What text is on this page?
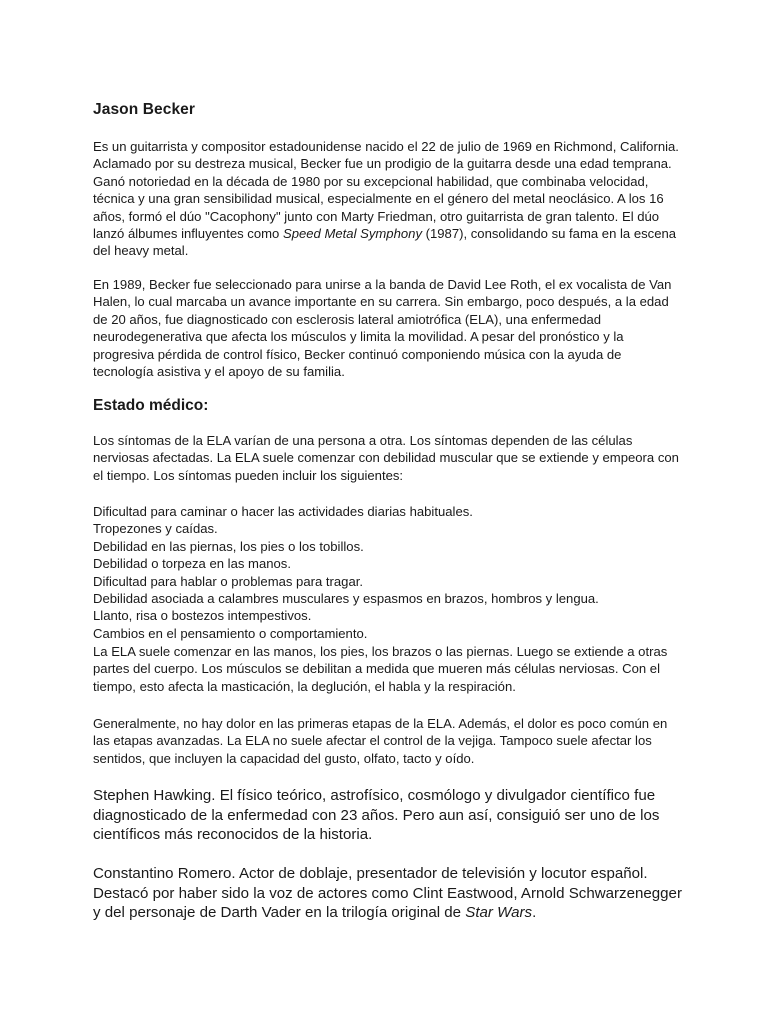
Jason Becker

Es un guitarrista y compositor estadounidense nacido el 22 de julio de 1969 en Richmond, California. Aclamado por su destreza musical, Becker fue un prodigio de la guitarra desde una edad temprana. Ganó notoriedad en la década de 1980 por su excepcional habilidad, que combinaba velocidad, técnica y una gran sensibilidad musical, especialmente en el género del metal neoclásico. A los 16 años, formó el dúo "Cacophony" junto con Marty Friedman, otro guitarrista de gran talento. El dúo lanzó álbumes influyentes como Speed Metal Symphony (1987), consolidando su fama en la escena del heavy metal.

En 1989, Becker fue seleccionado para unirse a la banda de David Lee Roth, el ex vocalista de Van Halen, lo cual marcaba un avance importante en su carrera. Sin embargo, poco después, a la edad de 20 años, fue diagnosticado con esclerosis lateral amiotrófica (ELA), una enfermedad neurodegenerativa que afecta los músculos y limita la movilidad. A pesar del pronóstico y la progresiva pérdida de control físico, Becker continuó componiendo música con la ayuda de tecnología asistiva y el apoyo de su familia.

Estado médico:

Los síntomas de la ELA varían de una persona a otra. Los síntomas dependen de las células nerviosas afectadas. La ELA suele comenzar con debilidad muscular que se extiende y empeora con el tiempo. Los síntomas pueden incluir los siguientes:

Dificultad para caminar o hacer las actividades diarias habituales.
Tropezones y caídas.
Debilidad en las piernas, los pies o los tobillos.
Debilidad o torpeza en las manos.
Dificultad para hablar o problemas para tragar.
Debilidad asociada a calambres musculares y espasmos en brazos, hombros y lengua.
Llanto, risa o bostezos intempestivos.
Cambios en el pensamiento o comportamiento.

La ELA suele comenzar en las manos, los pies, los brazos o las piernas. Luego se extiende a otras partes del cuerpo. Los músculos se debilitan a medida que mueren más células nerviosas. Con el tiempo, esto afecta la masticación, la deglución, el habla y la respiración.

Generalmente, no hay dolor en las primeras etapas de la ELA. Además, el dolor es poco común en las etapas avanzadas. La ELA no suele afectar el control de la vejiga. Tampoco suele afectar los sentidos, que incluyen la capacidad del gusto, olfato, tacto y oído.

Stephen Hawking. El físico teórico, astrofísico, cosmólogo y divulgador científico fue diagnosticado de la enfermedad con 23 años. Pero aun así, consiguió ser uno de los científicos más reconocidos de la historia.

Constantino Romero. Actor de doblaje, presentador de televisión y locutor español. Destacó por haber sido la voz de actores como Clint Eastwood, Arnold Schwarzenegger y del personaje de Darth Vader en la trilogía original de Star Wars.
